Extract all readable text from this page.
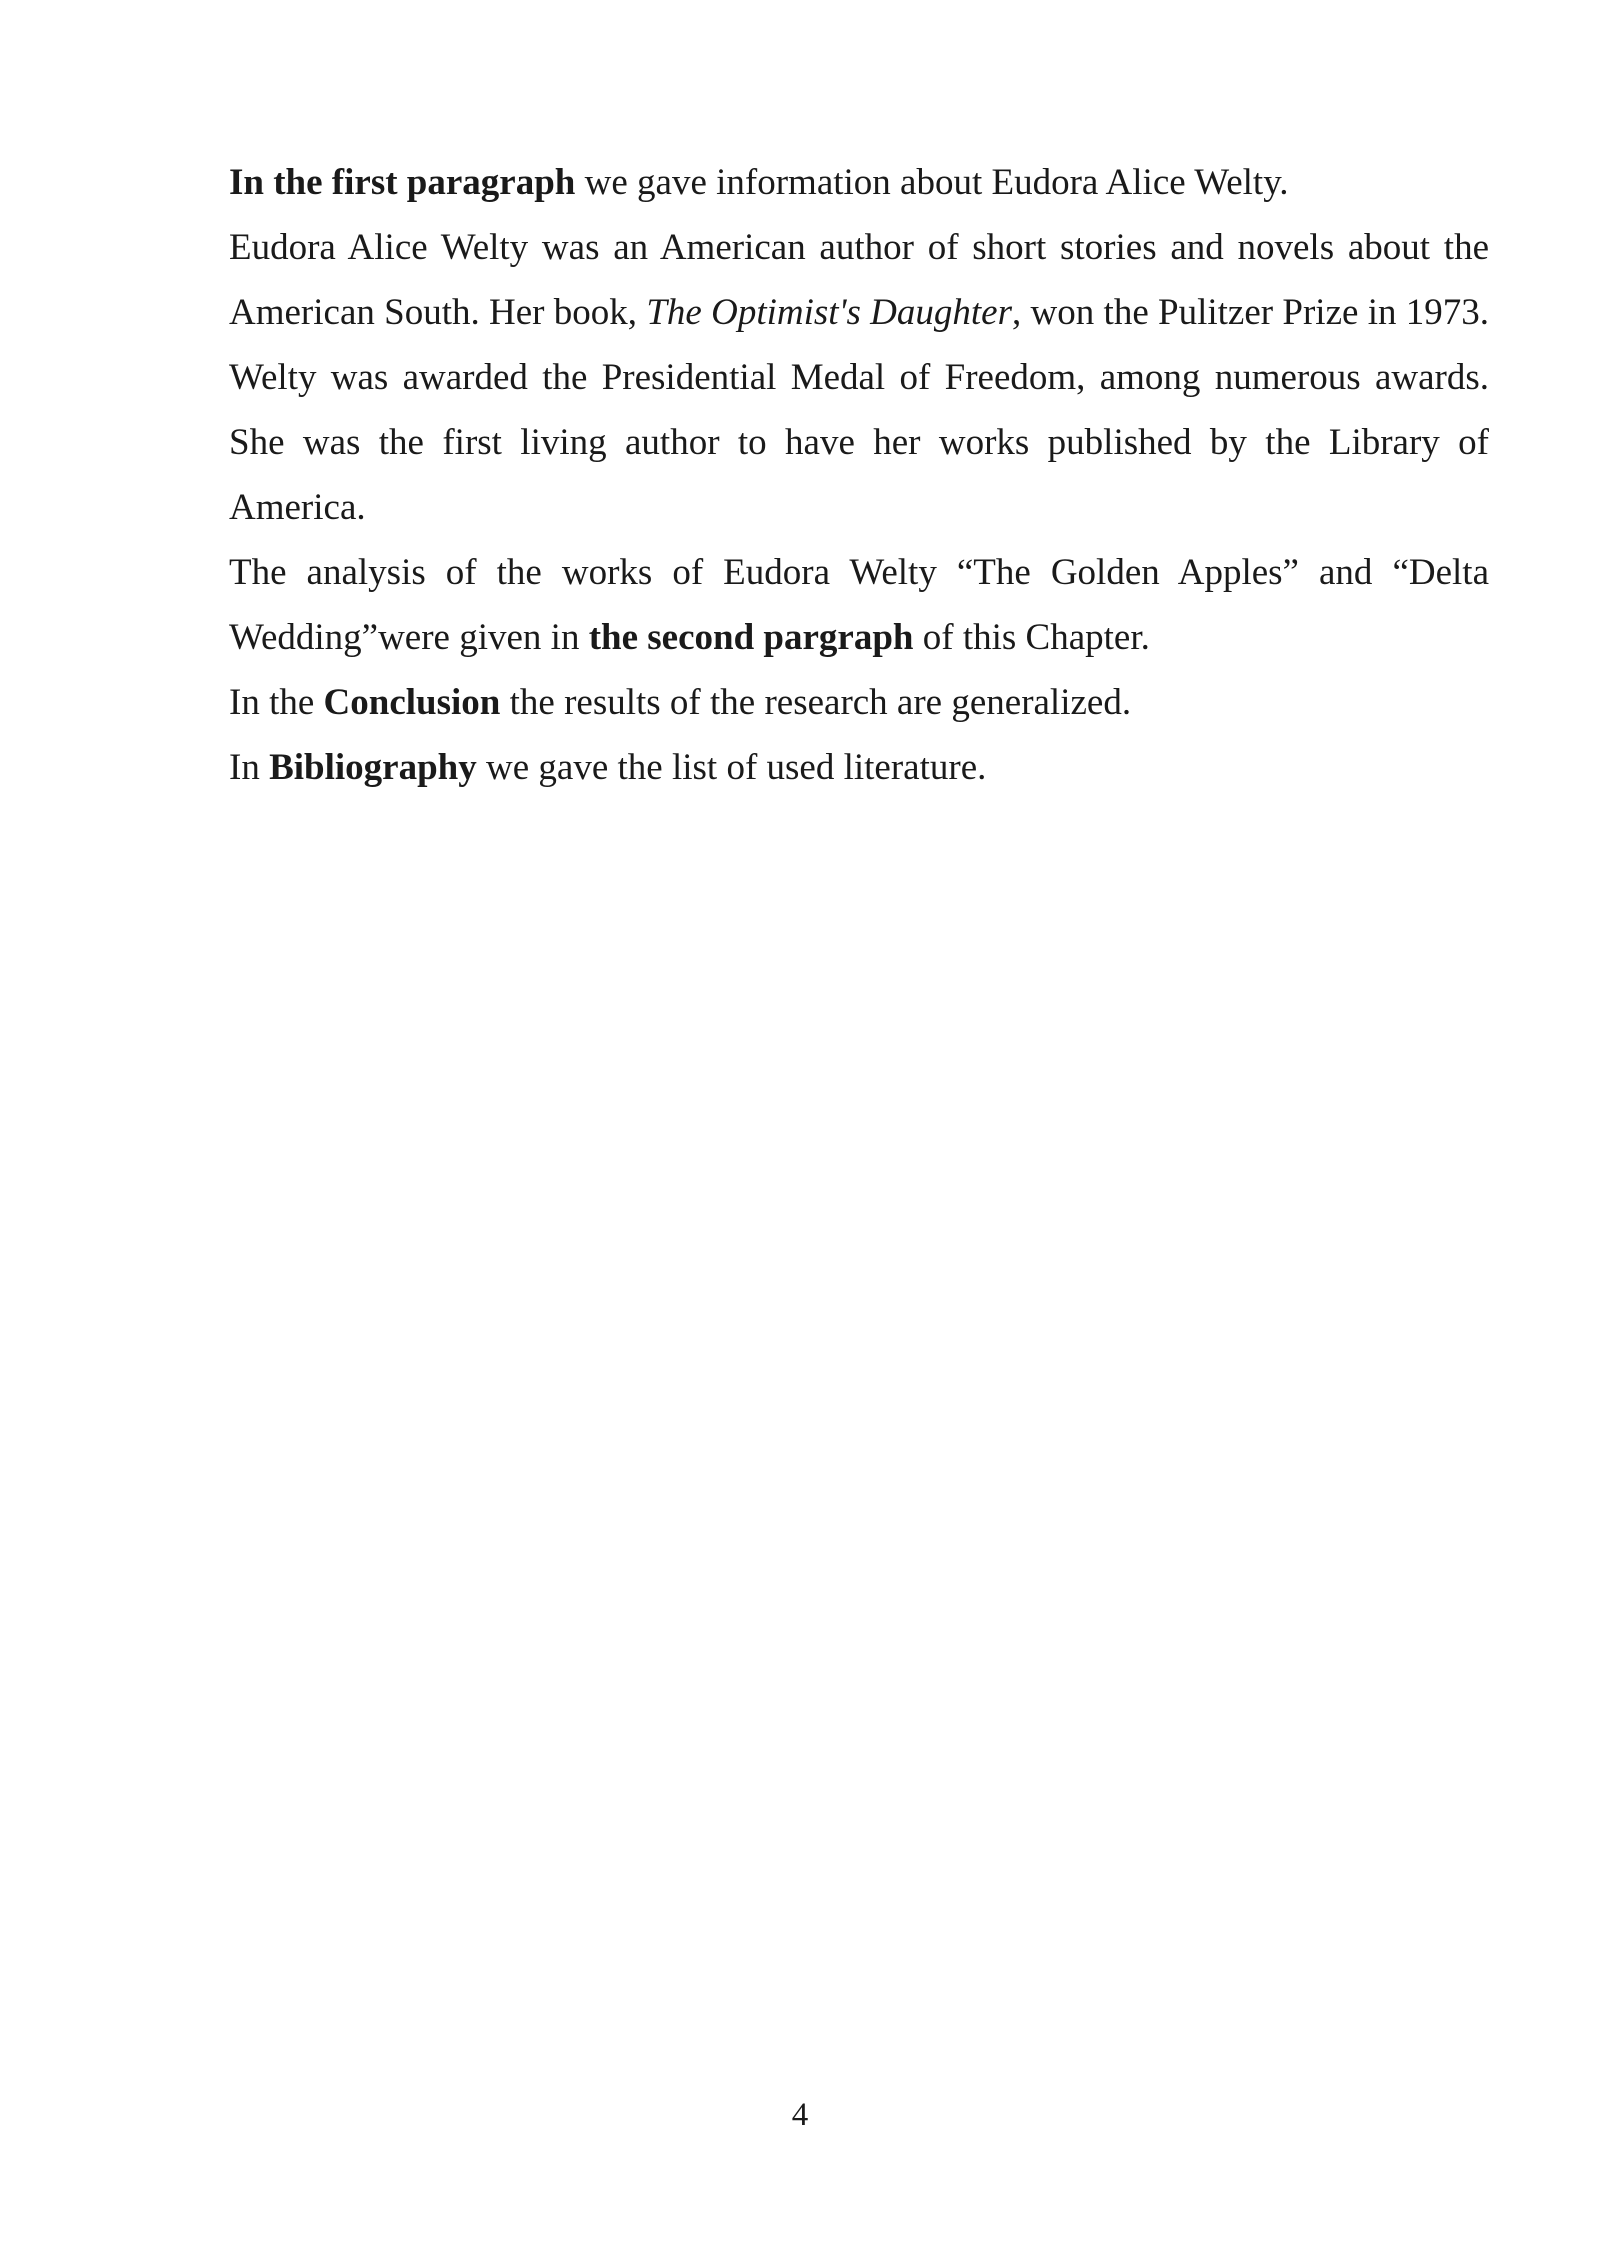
In the first paragraph we gave information about Eudora Alice Welty.

Eudora Alice Welty was an American author of short stories and novels about the American South. Her book, The Optimist's Daughter, won the Pulitzer Prize in 1973. Welty was awarded the Presidential Medal of Freedom, among numerous awards. She was the first living author to have her works published by the Library of America.

The analysis of the works of Eudora Welty “The Golden Apples” and “Delta Wedding”were given in the second pargraph of this Chapter.

In the Conclusion the results of the research are generalized.

In Bibliography we gave the list of used literature.

4
